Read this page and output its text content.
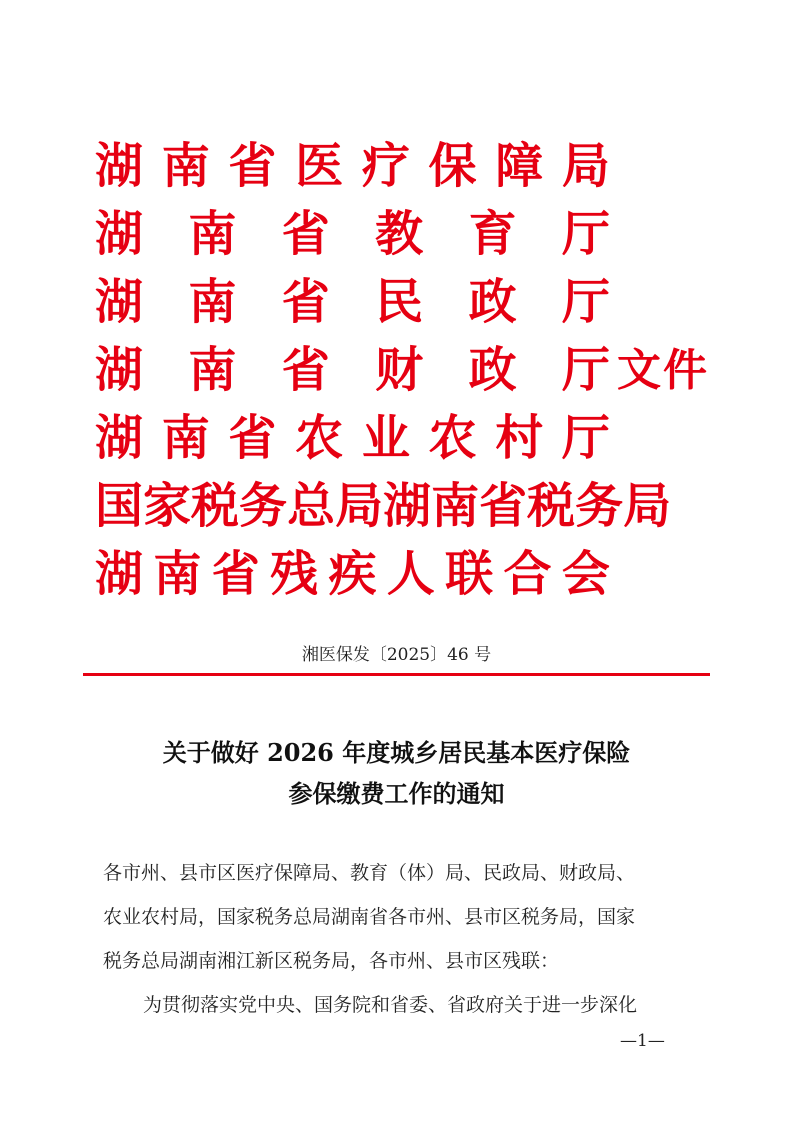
湖 南 省 医 疗 保 障 局
湖 南 省 教 育 厅
湖 南 省 民 政 厅
湖 南 省 财 政 厅
湖 南 省 农 业 农 村 厅
国 家 税 务 总 局 湖 南 省 税 务 局
湖 南 省 残 疾 人 联 合 会
文件
湘医保发〔2025〕46 号
关于做好 2026 年度城乡居民基本医疗保险
参保缴费工作的通知
各市州、县市区医疗保障局、教育（体）局、民政局、财政局、
农业农村局，国家税务总局湖南省各市州、县市区税务局，国家
税务总局湖南湘江新区税务局，各市州、县市区残联：
为贯彻落实党中央、国务院和省委、省政府关于进一步深化
—1—
